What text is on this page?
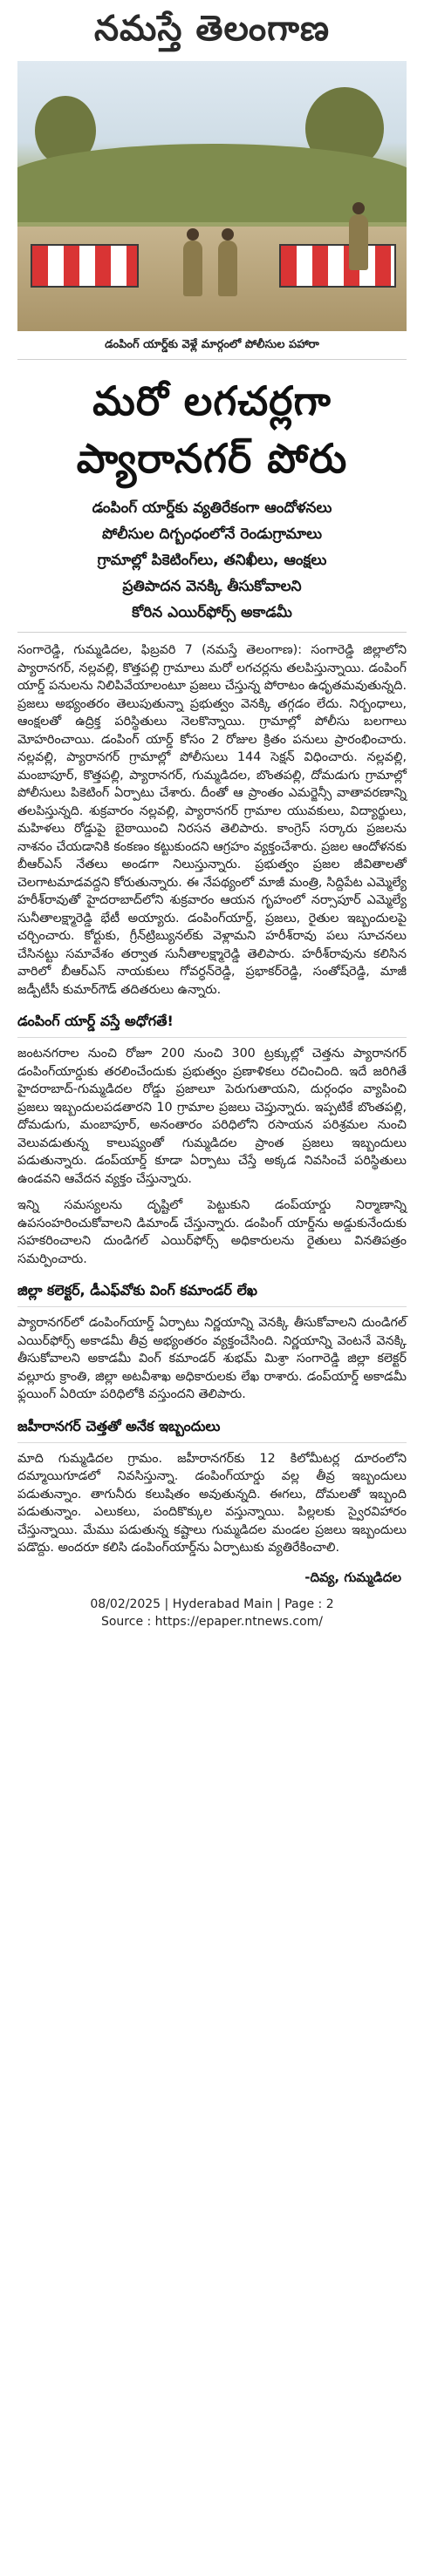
నమస్తే తెలంగాణ
డంపింగ్ యార్డ్‌కు వెళ్లే మార్గంలో పోలీసుల పహారా
మరో లగచర్లగా
ప్యారానగర్ పోరు
డంపింగ్ యార్డ్‌కు వ్యతిరేకంగా ఆందోళనలు
పోలీసుల దిగ్బంధంలోనే రెండుగ్రామాలు
గ్రామాల్లో పికెటింగ్‌లు, తనిఖీలు, ఆంక్షలు
ప్రతిపాదన వెనక్కి తీసుకోవాలని
కోరిన ఎయిర్‌ఫోర్స్ అకాడమీ

సంగారెడ్డి, గుమ్మడిదల, ఫిబ్రవరి 7 (నమస్తే తెలంగాణ): సంగారెడ్డి జిల్లాలోని ప్యారానగర్, నల్లవల్లి, కొత్తపల్లి గ్రామాలు మరో లగచర్లను తలపిస్తున్నాయి. డంపింగ్ యార్డ్ పనులను నిలిపివేయాలంటూ ప్రజలు చేస్తున్న పోరాటం ఉధృతమవుతున్నది. ప్రజలు అభ్యంతరం తెలుపుతున్నా ప్రభుత్వం వెనక్కి తగ్గడం లేదు. నిర్బంధాలు, ఆంక్షలతో ఉద్రిక్త పరిస్థితులు నెలకొన్నాయి. గ్రామాల్లో పోలీసు బలగాలు మోహరించాయి. డంపింగ్ యార్డ్ కోసం 2 రోజుల క్రితం పనులు ప్రారంభించారు. నల్లవల్లి, ప్యారానగర్ గ్రామాల్లో పోలీసులు 144 సెక్షన్ విధించారు. నల్లవల్లి, మంబాపూర్, కొత్తపల్లి, ప్యారానగర్, గుమ్మడిదల, బొంతపల్లి, దోమడుగు గ్రామాల్లో పోలీసులు పికెటింగ్ ఏర్పాటు చేశారు. దీంతో ఆ ప్రాంతం ఎమర్జెన్సీ వాతావరణాన్ని తలపిస్తున్నది. శుక్రవారం నల్లవల్లి, ప్యారానగర్ గ్రామాల యువకులు, విద్యార్థులు, మహిళలు రోడ్డుపై బైఠాయించి నిరసన తెలిపారు. కాంగ్రెస్ సర్కారు ప్రజలను నాశనం చేయడానికి కంకణం కట్టుకుందని ఆగ్రహం వ్యక్తంచేశారు. ప్రజల ఆందోళనకు బీఆర్‌ఎస్ నేతలు అండగా నిలుస్తున్నారు. ప్రభుత్వం ప్రజల జీవితాలతో చెలగాటమాడవద్దని కోరుతున్నారు. ఈ నేపథ్యంలో మాజీ మంత్రి, సిద్దిపేట ఎమ్మెల్యే హరీశ్‌రావుతో హైదరాబాద్‌లోని శుక్రవారం ఆయన గృహంలో నర్సాపూర్ ఎమ్మెల్యే సునీతాలక్ష్మారెడ్డి భేటీ అయ్యారు. డంపింగ్‌యార్డ్, ప్రజలు, రైతుల ఇబ్బందులపై చర్చించారు. కోర్టుకు, గ్రీన్‌ట్రిబ్యునల్‌కు వెళ్లామని హరీశ్‌రావు పలు సూచనలు చేసినట్టు సమావేశం తర్వాత సునీతాలక్ష్మారెడ్డి తెలిపారు. హరీశ్‌రావును కలిసిన వారిలో బీఆర్‌ఎస్ నాయకులు గోవర్ధన్‌రెడ్డి, ప్రభాకర్‌రెడ్డి, సంతోష్‌రెడ్డి, మాజీ జడ్పీటీసీ కుమార్‌గౌడ్ తదితరులు ఉన్నారు.

డంపింగ్ యార్డ్ వస్తే అధోగతే!

జంటనగరాల నుంచి రోజూ 200 నుంచి 300 ట్రక్కుల్లో చెత్తను ప్యారానగర్ డంపింగ్‌యార్డుకు తరలించేందుకు ప్రభుత్వం ప్రణాళికలు రచించింది. ఇదే జరిగితే హైదరాబాద్-గుమ్మడిదల రోడ్డు ప్రజాలూ పెరుగుతాయని, దుర్గంధం వ్యాపించి ప్రజలు ఇబ్బందులపడతారని 10 గ్రామాల ప్రజలు చెప్తున్నారు. ఇప్పటికే బొంతపల్లి, దోమడుగు, మంబాపూర్, అనంతారం పరిధిలోని రసాయన పరిశ్రమల నుంచి వెలువడుతున్న కాలుష్యంతో గుమ్మడిదల ప్రాంత ప్రజలు ఇబ్బందులు పడుతున్నారు. డంప్‌యార్డ్ కూడా ఏర్పాటు చేస్తే అక్కడ నివసించే పరిస్థితులు ఉండవని ఆవేదన వ్యక్తం చేస్తున్నారు.

ఇన్ని సమస్యలను దృష్టిలో పెట్టుకుని డంప్‌యార్డు నిర్మాణాన్ని ఉపసంహరించుకోవాలని డిమాండ్ చేస్తున్నారు. డంపింగ్ యార్డ్‌ను అడ్డుకునేందుకు సహకరించాలని దుండిగల్ ఎయిర్‌ఫోర్స్ అధికారులను రైతులు వినతిపత్రం సమర్పించారు.

జిల్లా కలెక్టర్, డీఎఫ్‌వోకు వింగ్ కమాండర్ లేఖ

ప్యారానగర్‌లో డంపింగ్‌యార్డ్ ఏర్పాటు నిర్ణయాన్ని వెనక్కి తీసుకోవాలని దుండిగల్ ఎయిర్‌ఫోర్స్ అకాడమీ తీవ్ర అభ్యంతరం వ్యక్తంచేసింది. నిర్ణయాన్ని వెంటనే వెనక్కి తీసుకోవాలని అకాడమీ వింగ్ కమాండర్ శుభమ్ మిశ్రా సంగారెడ్డి జిల్లా కలెక్టర్ వల్లూరు క్రాంతి, జిల్లా అటవీశాఖ అధికారులకు లేఖ రాశారు. డంప్‌యార్డ్ అకాడమీ ఫ్లయింగ్ ఏరియా పరిధిలోకి వస్తుందని తెలిపారు.

జహీరానగర్ చెత్తతో అనేక ఇబ్బందులు

మాది గుమ్మడిదల గ్రామం. జహీరానగర్‌కు 12 కిలోమీటర్ల దూరంలోని దమ్మాయిగూడలో నివసిస్తున్నా. డంపింగ్‌యార్డు వల్ల తీవ్ర ఇబ్బందులు పడుతున్నాం. తాగునీరు కలుషితం అవుతున్నది. ఈగలు, దోమలతో ఇబ్బంది పడుతున్నాం. ఎలుకలు, పందికొక్కుల వస్తున్నాయి. పిల్లలకు స్వైరవిహారం చేస్తున్నాయి. మేము పడుతున్న కష్టాలు గుమ్మడిదల మండల ప్రజలు ఇబ్బందులు పడొద్దు. అందరూ కలిసి డంపింగ్‌యార్డ్‌ను ఏర్పాటుకు వ్యతిరేకించాలి.

-దివ్య, గుమ్మడిదల
08/02/2025 | Hyderabad Main | Page : 2
Source : https://epaper.ntnews.com/
